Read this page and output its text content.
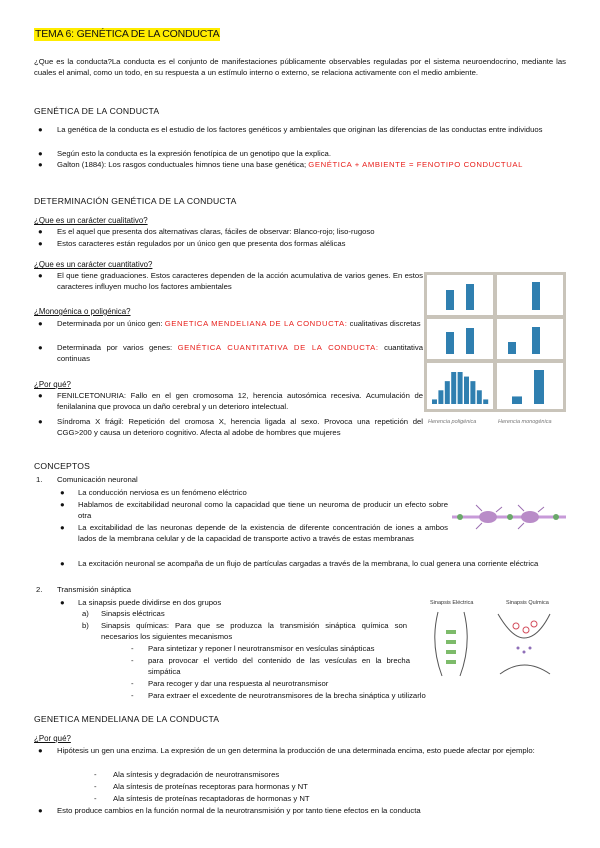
TEMA 6: GENÉTICA DE LA CONDUCTA
¿Que es la conducta?La conducta es el conjunto de manifestaciones públicamente observables reguladas por el sistema neuroendocrino, mediante las cuales el animal, como un todo, en su respuesta a un estímulo interno o externo, se relaciona activamente con el medio ambiente.
GENÉTICA DE LA CONDUCTA
● La genética de la conducta es el estudio de los factores genéticos y ambientales que originan las diferencias de las conductas entre individuos
● Según esto la conducta es la expresión fenotípica de un genotipo que la explica.
● Galton (1884): Los rasgos conductuales himnos tiene una base genética; GENÉTICA + AMBIENTE = FENOTIPO CONDUCTUAL
DETERMINACIÓN GENÉTICA DE LA CONDUCTA
¿Que es un carácter cualitativo?
● Es el aquel que presenta dos alternativas claras, fáciles de observar: Blanco-rojo; liso-rugoso
● Estos caracteres están regulados por un único gen que presenta dos formas alélicas
¿Que es un carácter cuantitativo?
● El que tiene graduaciones. Estos caracteres dependen de la acción acumulativa de varios genes. En estos caracteres influyen mucho los factores ambientales
¿Monogénica o poligénica?
● Determinada por un único gen: GENETICA MENDELIANA DE LA CONDUCTA: cualitativas discretas
● Determinada por varios genes: GENÉTICA CUANTITATIVA DE LA CONDUCTA: cuantitativa continuas
¿Por qué?
● FENILCETONURIA: Fallo en el gen cromosoma 12, herencia autosómica recesiva. Acumulación de fenilalanina que provoca un daño cerebral y un deterioro intelectual.
● Síndroma X frágil: Repetición del cromosa X, herencia ligada al sexo. Provoca una repetición del CGG>200 y causa un deterioro cognitivo. Afecta al adobe de hombres que mujeres
Herencia poligénica	Herencia monogénica
CONCEPTOS
1. Comunicación neuronal
● La conducción nerviosa es un fenómeno eléctrico
● Hablamos de excitabilidad neuronal como la capacidad que tiene un neuroma de producir un efecto sobre otra
● La excitabilidad de las neuronas depende de la existencia de diferente concentración de iones a ambos lados de la membrana celular y de la capacidad de transporte activo a través de estas membranas
● La excitación neuronal se acompaña de un flujo de partículas cargadas a través de la membrana, lo cual genera una corriente eléctrica
2. Transmisión sináptica
● La sinapsis puede dividirse en dos grupos
a) Sinapsis eléctricas
b) Sinapsis químicas: Para que se produzca la transmisión sináptica química son necesarios los siguientes mecanismos
- Para sintetizar y reponer l neurotransmisor en vesículas sinápticas
- para provocar el vertido del contenido de las vesículas en la brecha simpática
- Para recoger y dar una respuesta al neurotransmisor
- Para extraer el excedente de neurotransmisores de la brecha sináptica y utilizarlo
Sinapsis Eléctrica	Sinapsis Química
GENETICA MENDELIANA DE LA CONDUCTA
¿Por qué?
● Hipótesis un gen una enzima. La expresión de un gen determina la producción de una determinada encima, esto puede afectar por ejemplo:
- Ala síntesis y degradación de neurotransmisores
- Ala síntesis de proteínas receptoras para hormonas y NT
- Ala síntesis de proteínas recaptadoras de hormonas y NT
● Esto produce cambios en la función normal de la neurotransmisión y por tanto tiene efectos en la conducta
